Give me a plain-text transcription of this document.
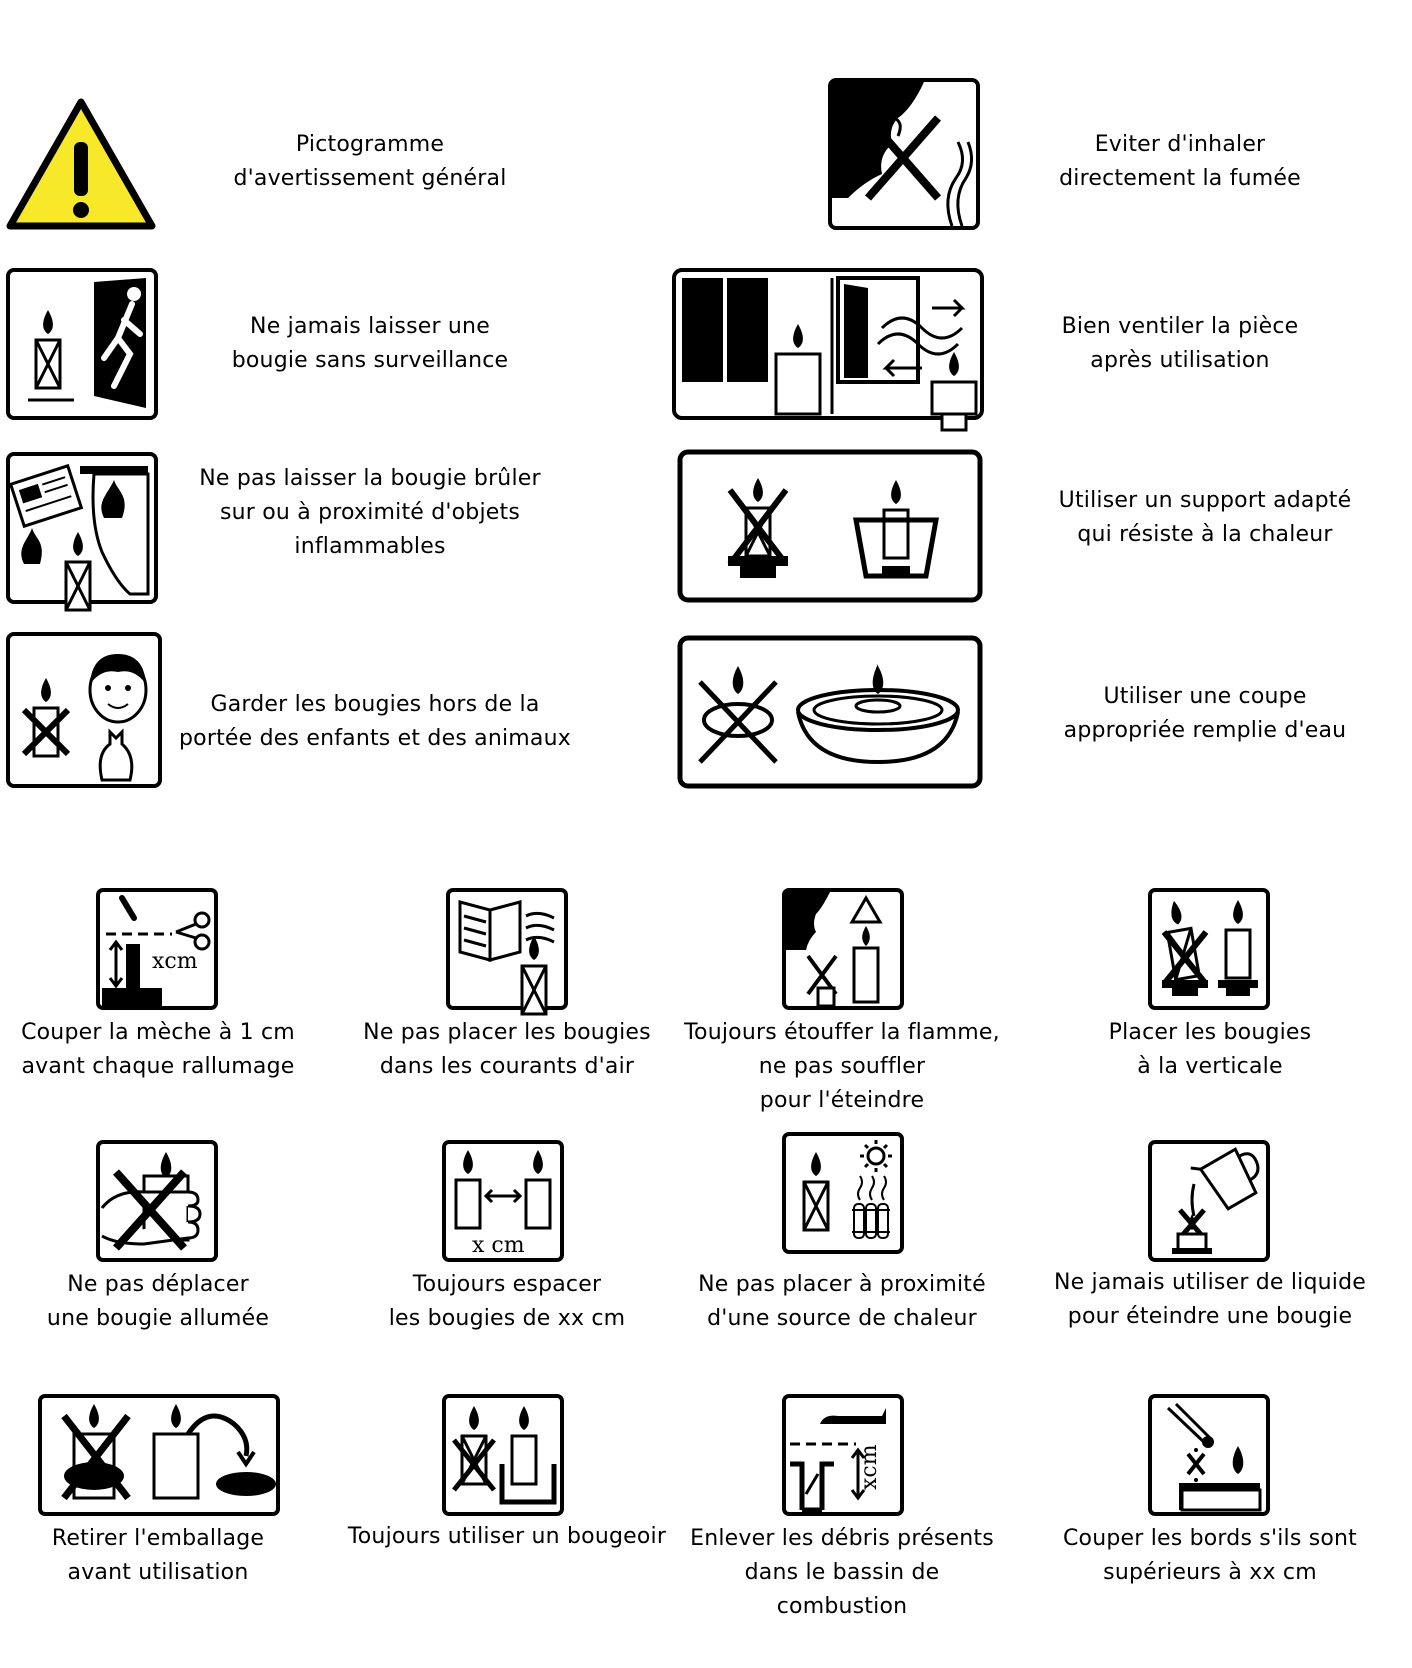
Pictogramme
d'avertissement général
Ne jamais laisser une
bougie sans surveillance
Ne pas laisser la bougie brûler
sur ou à proximité d'objets
inflammables
Garder les bougies hors de la
portée des enfants et des animaux
Eviter d'inhaler
directement la fumée
Bien ventiler la pièce
après utilisation
Utiliser un support adapté
qui résiste à la chaleur
Utiliser une coupe
appropriée remplie d'eau
xcm
Couper la mèche à 1 cm
avant chaque rallumage
Ne pas placer les bougies
dans les courants d'air
Toujours étouffer la flamme,
ne pas souffler
pour l'éteindre
Placer les bougies
à la verticale
Ne pas déplacer
une bougie allumée
x cm
Toujours espacer
les bougies de xx cm
Ne pas placer à proximité
d'une source de chaleur
Ne jamais utiliser de liquide
pour éteindre une bougie
Retirer l'emballage
avant utilisation
Toujours utiliser un bougeoir
xcm
Enlever les débris présents
dans le bassin de
combustion
Couper les bords s'ils sont
supérieurs à xx cm
